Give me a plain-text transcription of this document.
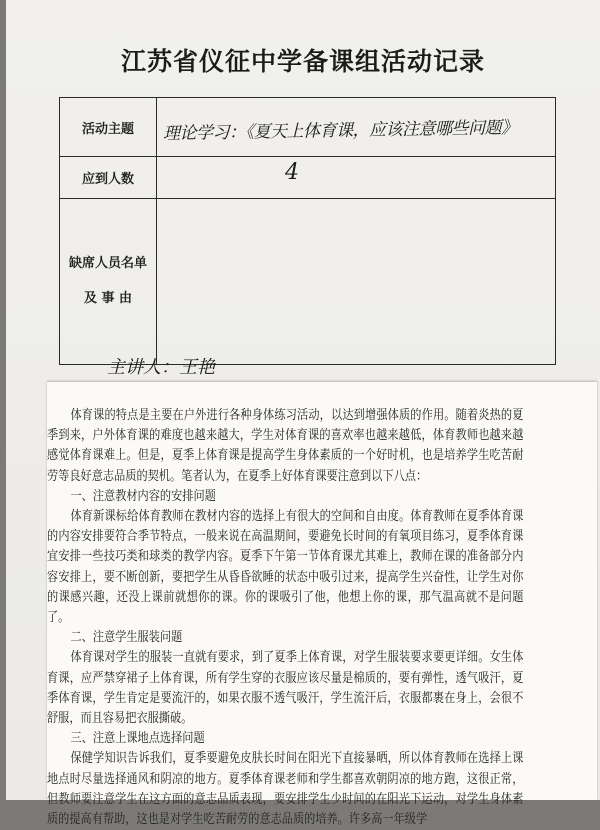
江苏省仪征中学备课组活动记录
活动主题	理论学习：《夏天上体育课，应该注意哪些问题》
应到人数	4
缺席人员名单
及 事 由
主讲人：王艳

体育课的特点是主要在户外进行各种身体练习活动，以达到增强体质的作用。随着炎热的夏季到来，户外体育课的难度也越来越大，学生对体育课的喜欢率也越来越低，体育教师也越来越感觉体育课难上。但是，夏季上体育课是提高学生身体素质的一个好时机，也是培养学生吃苦耐劳等良好意志品质的契机。笔者认为，在夏季上好体育课要注意到以下八点：

一、注意教材内容的安排问题

体育新课标给体育教师在教材内容的选择上有很大的空间和自由度。体育教师在夏季体育课的内容安排要符合季节特点，一般来说在高温期间，要避免长时间的有氧项目练习，夏季体育课宜安排一些技巧类和球类的教学内容。夏季下午第一节体育课尤其难上，教师在课的准备部分内容安排上，要不断创新，要把学生从昏昏欲睡的状态中吸引过来，提高学生兴奋性，让学生对你的课感兴趣，还没上课前就想你的课。你的课吸引了他，他想上你的课，那气温高就不是问题了。

二、注意学生服装问题

体育课对学生的服装一直就有要求，到了夏季上体育课，对学生服装要求要更详细。女生体育课，应严禁穿裙子上体育课，所有学生穿的衣服应该尽量是棉质的，要有弹性，透气吸汗，夏季体育课，学生肯定是要流汗的，如果衣服不透气吸汗，学生流汗后，衣服都裹在身上，会很不舒服，而且容易把衣服撕破。

三、注意上课地点选择问题

保健学知识告诉我们，夏季要避免皮肤长时间在阳光下直接暴晒，所以体育教师在选择上课地点时尽量选择通风和阴凉的地方。夏季体育课老师和学生都喜欢朝阴凉的地方跑，这很正常，但教师要注意学生在这方面的意志品质表现，要安排学生少时间的在阳光下运动，对学生身体素质的提高有帮助，这也是对学生吃苦耐劳的意志品质的培养。许多高一年级学
